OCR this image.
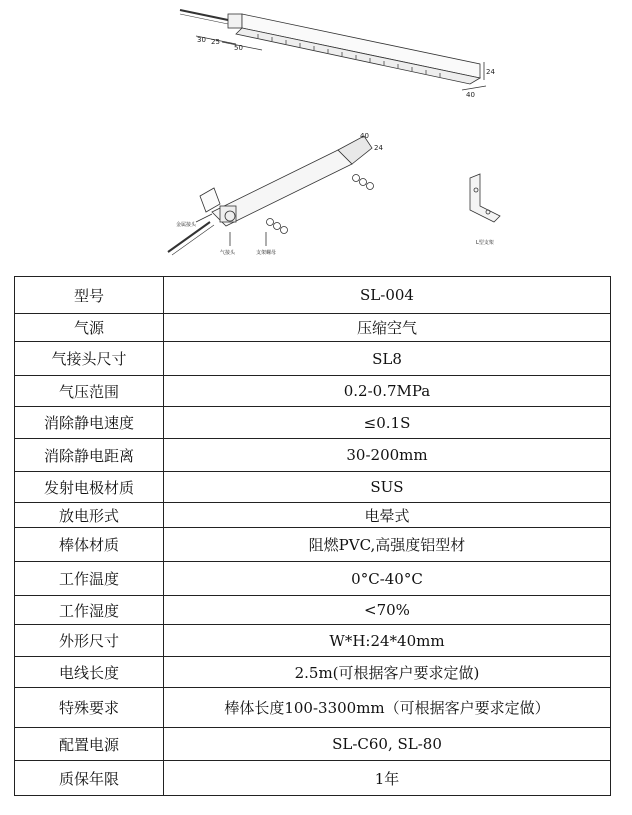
30 25
50
24
40
40
24
金属接头
气接头	支架螺母
L型支架
型号	SL-004
气源	压缩空气
气接头尺寸	SL8
气压范围	0.2-0.7MPa
消除静电速度	≤0.1S
消除静电距离	30-200mm
发射电极材质	SUS
放电形式	电晕式
棒体材质	阻燃PVC,高强度铝型材
工作温度	0°C-40°C
工作湿度	<70%
外形尺寸	W*H:24*40mm
电线长度	2.5m(可根据客户要求定做)
特殊要求	棒体长度100-3300mm（可根据客户要求定做）
配置电源	SL-C60, SL-80
质保年限	1年
